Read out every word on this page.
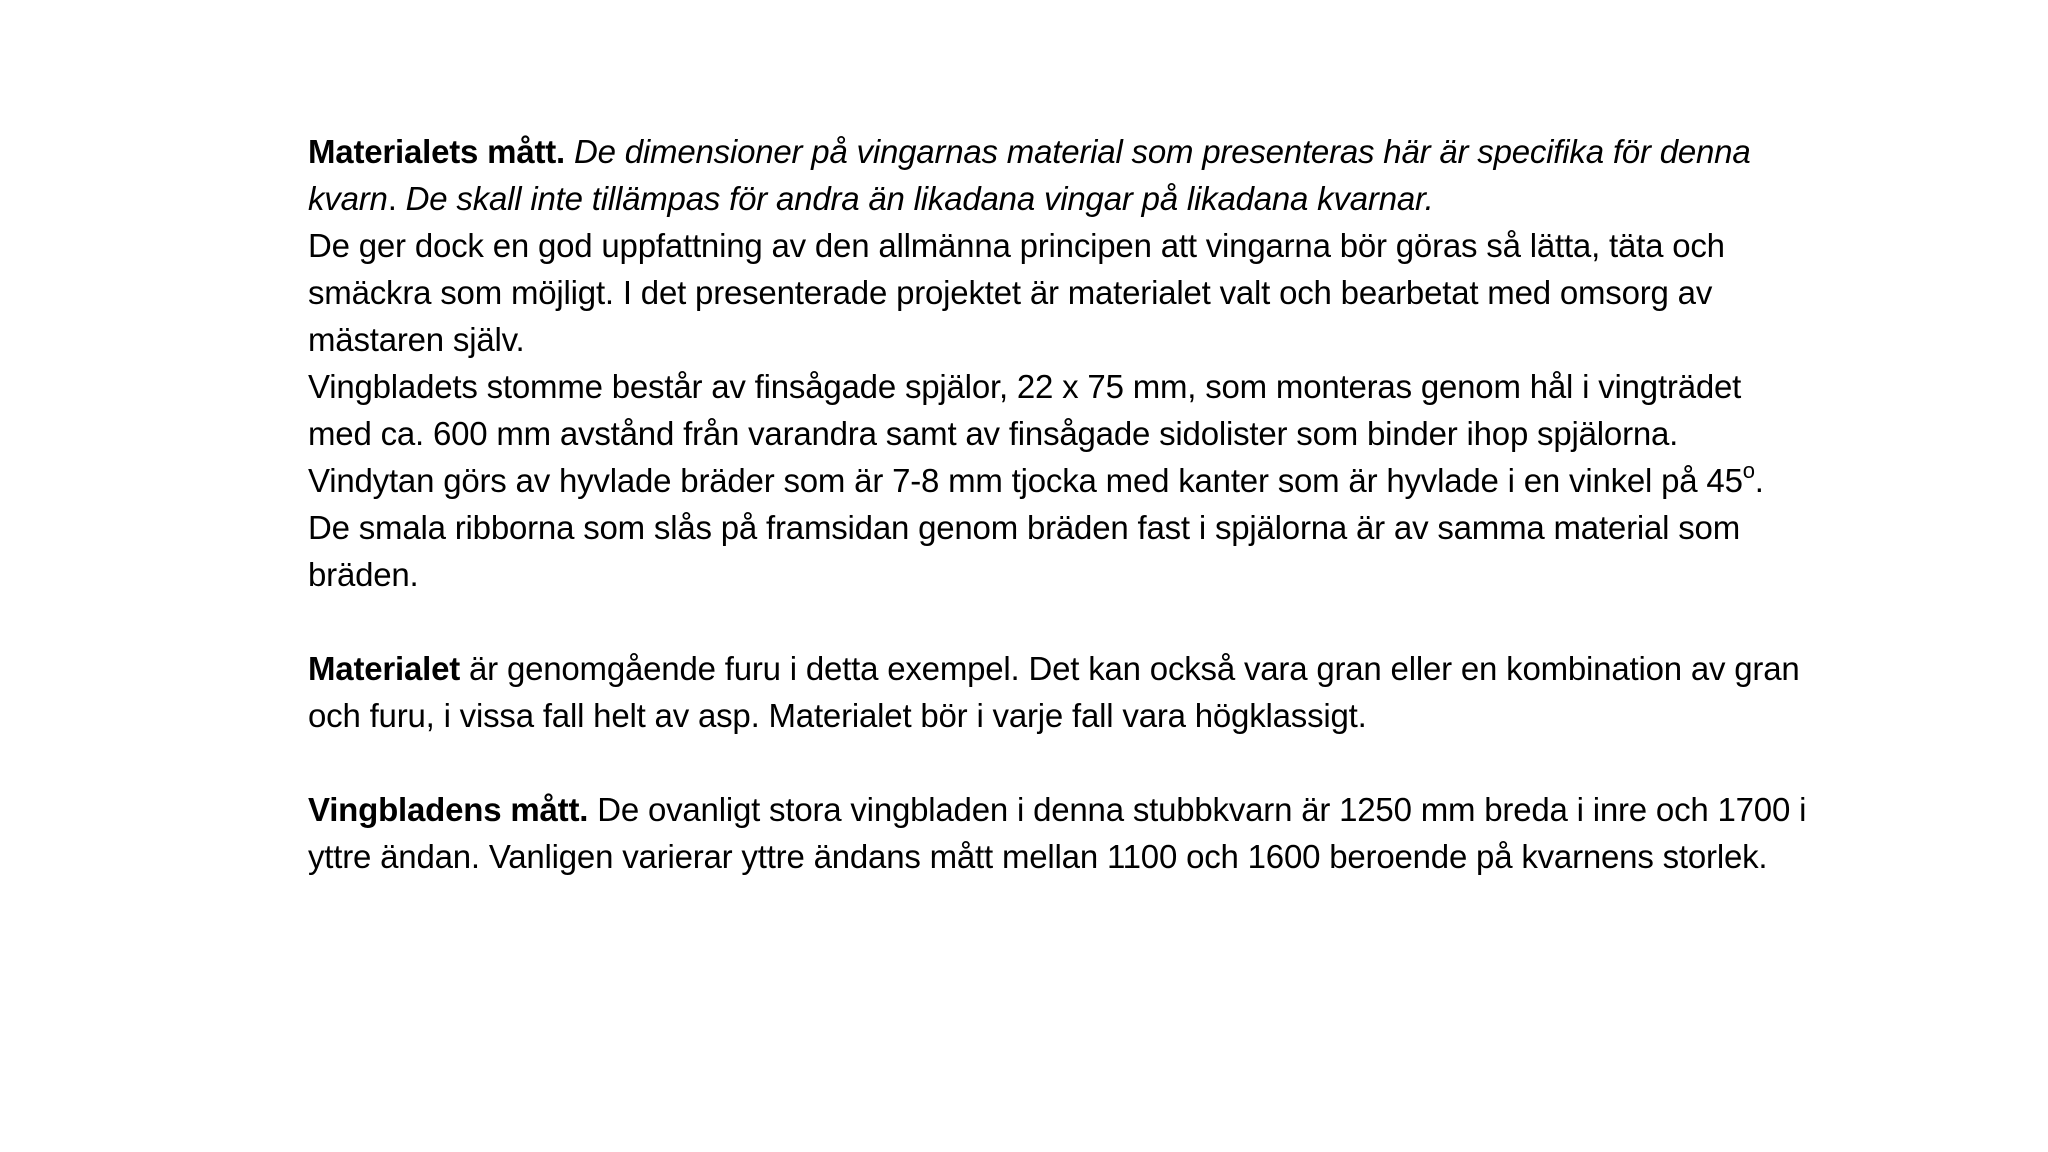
Materialets mått. De dimensioner på vingarnas material som presenteras här är specifika för denna kvarn. De skall inte tillämpas för andra än likadana vingar på likadana kvarnar.

De ger dock en god uppfattning av den allmänna principen att vingarna bör göras så lätta, täta och smäckra som möjligt. I det presenterade projektet är materialet valt och bearbetat med omsorg av mästaren själv.

Vingbladets stomme består av finsågade spjälor, 22 x 75 mm, som monteras genom hål i vingträdet med ca. 600 mm avstånd från varandra samt av finsågade sidolister som binder ihop spjälorna. Vindytan görs av hyvlade bräder som är 7-8 mm tjocka med kanter som är hyvlade i en vinkel på 45$^o$. De smala ribborna som slås på framsidan genom bräden fast i spjälorna är av samma material som bräden.

Materialet är genomgående furu i detta exempel. Det kan också vara gran eller en kombination av gran och furu, i vissa fall helt av asp. Materialet bör i varje fall vara högklassigt.

Vingbladens mått. De ovanligt stora vingbladen i denna stubbkvarn är 1250 mm breda i inre och 1700 i yttre ändan. Vanligen varierar yttre ändans mått mellan 1100 och 1600 beroende på kvarnens storlek.
